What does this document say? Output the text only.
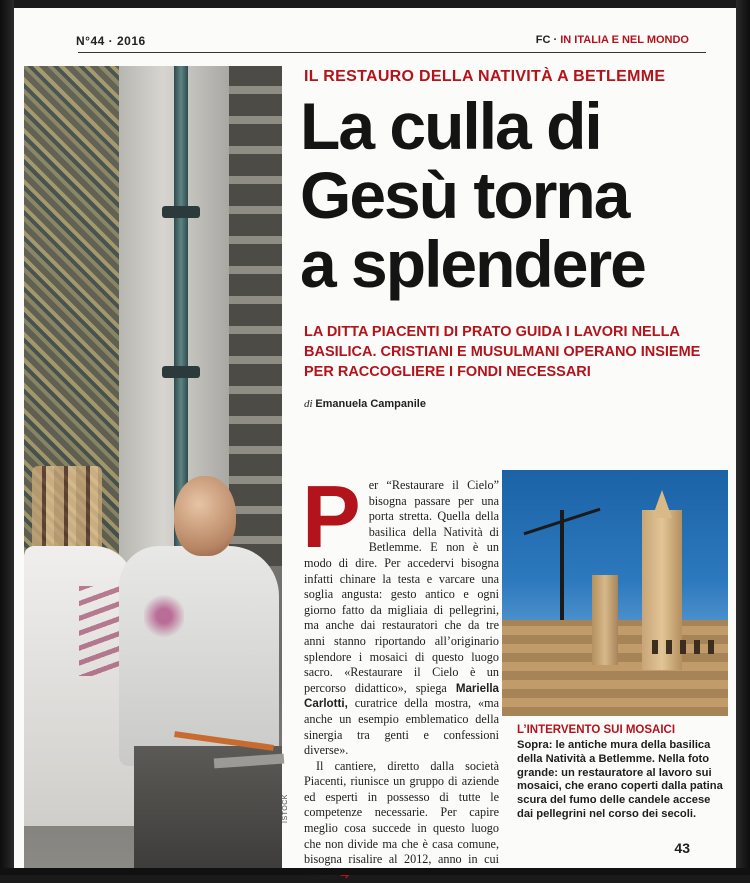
N°44 · 2016	FC · IN ITALIA E NEL MONDO
IL RESTAURO DELLA NATIVITÀ A BETLEMME
La culla di
Gesù torna
a splendere
LA DITTA PIACENTI DI PRATO GUIDA I LAVORI NELLA BASILICA. CRISTIANI E MUSULMANI OPERANO INSIEME PER RACCOGLIERE I FONDI NECESSARI
di Emanuela Campanile

Per “Restaurare il Cielo” bisogna passare per una porta stretta. Quella della basilica della Natività di Betlemme. E non è un modo di dire. Per accedervi bisogna infatti chinare la testa e varcare una soglia angusta: gesto antico e ogni giorno fatto da migliaia di pellegrini, ma anche dai restauratori che da tre anni stanno riportando all’originario splendore i mosaici di questo luogo sacro. «Restaurare il Cielo è un percorso didattico», spiega Mariella Carlotti, curatrice della mostra, «ma anche un esempio emblematico della sinergia tra genti e confessioni diverse».

Il cantiere, diretto dalla società Piacenti, riunisce un gruppo di aziende ed esperti in possesso di tutte le competenze necessarie. Per capire meglio cosa succede in questo luogo che non divide ma che è casa comune, bisogna risalire al 2012, anno in cui

ISTOCK
L’INTERVENTO SUI MOSAICI
Sopra: le antiche mura della basilica della Natività a Betlemme. Nella foto grande: un restauratore al lavoro sui mosaici, che erano coperti dalla patina scura del fumo delle candele accese dai pellegrini nel corso dei secoli.
43
